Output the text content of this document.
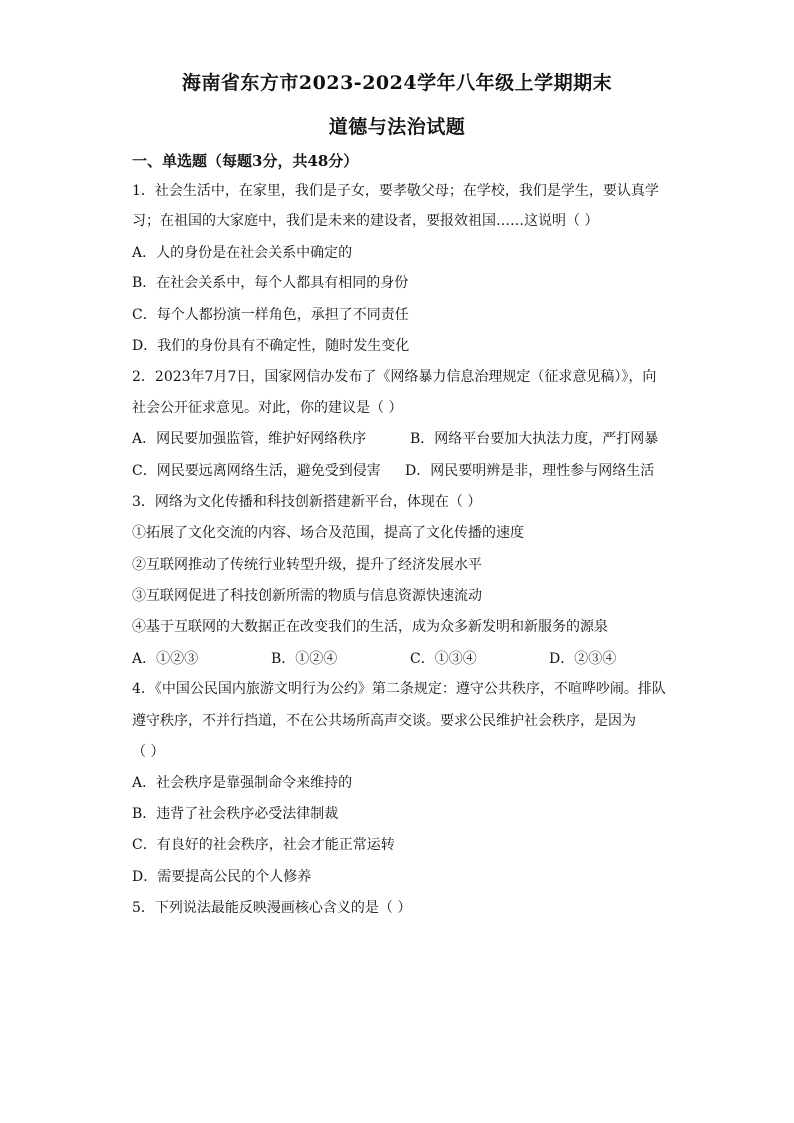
海南省东方市2023-2024学年八年级上学期期末
道德与法治试题
一、单选题（每题3分，共48分）
1．社会生活中，在家里，我们是子女，要孝敬父母；在学校，我们是学生，要认真学
习；在祖国的大家庭中，我们是未来的建设者，要报效祖国……这说明（ ）
A．人的身份是在社会关系中确定的
B．在社会关系中，每个人都具有相同的身份
C．每个人都扮演一样角色，承担了不同责任
D．我们的身份具有不确定性，随时发生变化
2．2023年7月7日，国家网信办发布了《网络暴力信息治理规定（征求意见稿）》，向
社会公开征求意见。对此，你的建议是（ ）
A．网民要加强监管，维护好网络秩序	B．网络平台要加大执法力度，严打网暴
C．网民要远离网络生活，避免受到侵害 D．网民要明辨是非，理性参与网络生活
3．网络为文化传播和科技创新搭建新平台，体现在（ ）
①拓展了文化交流的内容、场合及范围，提高了文化传播的速度
②互联网推动了传统行业转型升级，提升了经济发展水平
③互联网促进了科技创新所需的物质与信息资源快速流动
④基于互联网的大数据正在改变我们的生活，成为众多新发明和新服务的源泉
A．①②③	B．①②④	C．①③④	D．②③④
4．《中国公民国内旅游文明行为公约》第二条规定：遵守公共秩序，不喧哗吵闹。排队
遵守秩序，不并行挡道，不在公共场所高声交谈。要求公民维护社会秩序，是因为
（ ）
A．社会秩序是靠强制命令来维持的
B．违背了社会秩序必受法律制裁
C．有良好的社会秩序，社会才能正常运转
D．需要提高公民的个人修养
5．下列说法最能反映漫画核心含义的是（ ）
